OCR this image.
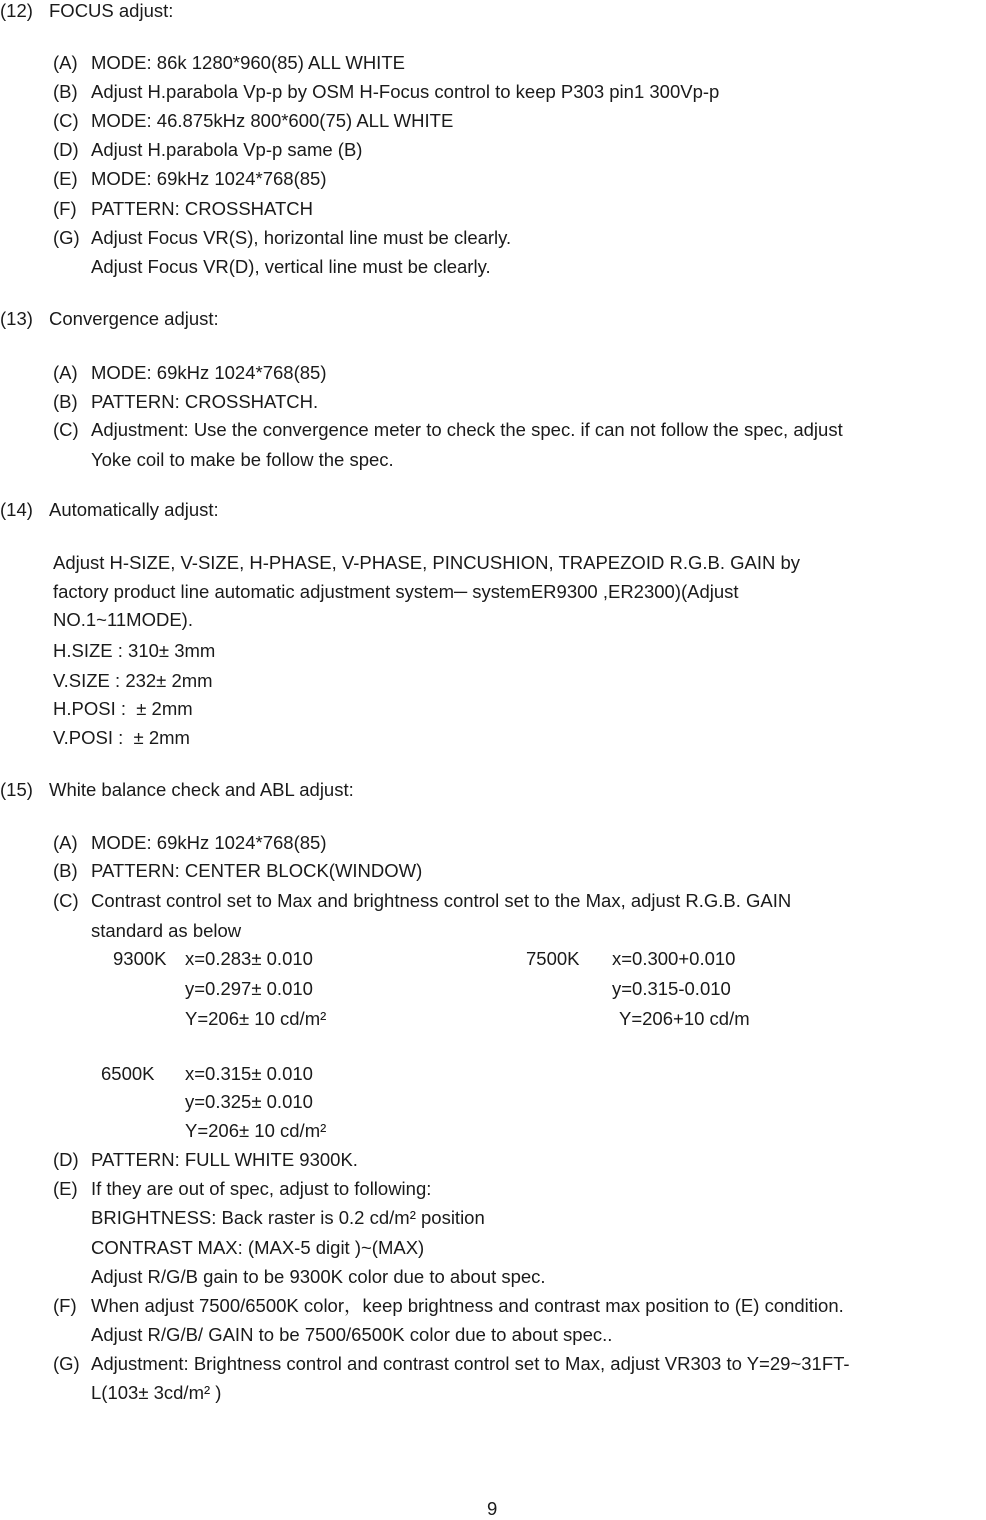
(12) FOCUS adjust:
(A) MODE: 86k 1280*960(85) ALL WHITE
(B) Adjust H.parabola Vp-p by OSM H-Focus control to keep P303 pin1 300Vp-p
(C) MODE: 46.875kHz 800*600(75) ALL WHITE
(D) Adjust H.parabola Vp-p same (B)
(E) MODE: 69kHz 1024*768(85)
(F) PATTERN: CROSSHATCH
(G) Adjust Focus VR(S), horizontal line must be clearly.
Adjust Focus VR(D), vertical line must be clearly.
(13) Convergence adjust:
(A) MODE: 69kHz 1024*768(85)
(B) PATTERN: CROSSHATCH.
(C) Adjustment: Use the convergence meter to check the spec. if can not follow the spec, adjust
Yoke coil to make be follow the spec.
(14) Automatically adjust:
Adjust H-SIZE, V-SIZE, H-PHASE, V-PHASE, PINCUSHION, TRAPEZOID R.G.B. GAIN by
factory product line automatic adjustment system─ systemER9300 ,ER2300)(Adjust
NO.1~11MODE).
H.SIZE : 310± 3mm
V.SIZE : 232± 2mm
H.POSI :  ± 2mm
V.POSI :  ± 2mm
(15) White balance check and ABL adjust:
(A) MODE: 69kHz 1024*768(85)
(B) PATTERN: CENTER BLOCK(WINDOW)
(C) Contrast control set to Max and brightness control set to the Max, adjust R.G.B. GAIN
standard as below
9300K x=0.283± 0.010	7500K x=0.300+0.010
y=0.297± 0.010	y=0.315-0.010
Y=206± 10 cd/m²	Y=206+10 cd/m
6500K x=0.315± 0.010
y=0.325± 0.010
Y=206± 10 cd/m²
(D) PATTERN: FULL WHITE 9300K.
(E) If they are out of spec, adjust to following:
BRIGHTNESS: Back raster is 0.2 cd/m² position
CONTRAST MAX: (MAX-5 digit )~(MAX)
Adjust R/G/B gain to be 9300K color due to about spec.
(F) When adjust 7500/6500K color，keep brightness and contrast max position to (E) condition.
Adjust R/G/B/ GAIN to be 7500/6500K color due to about spec..
(G) Adjustment: Brightness control and contrast control set to Max, adjust VR303 to Y=29~31FT-
L(103± 3cd/m² )
9
